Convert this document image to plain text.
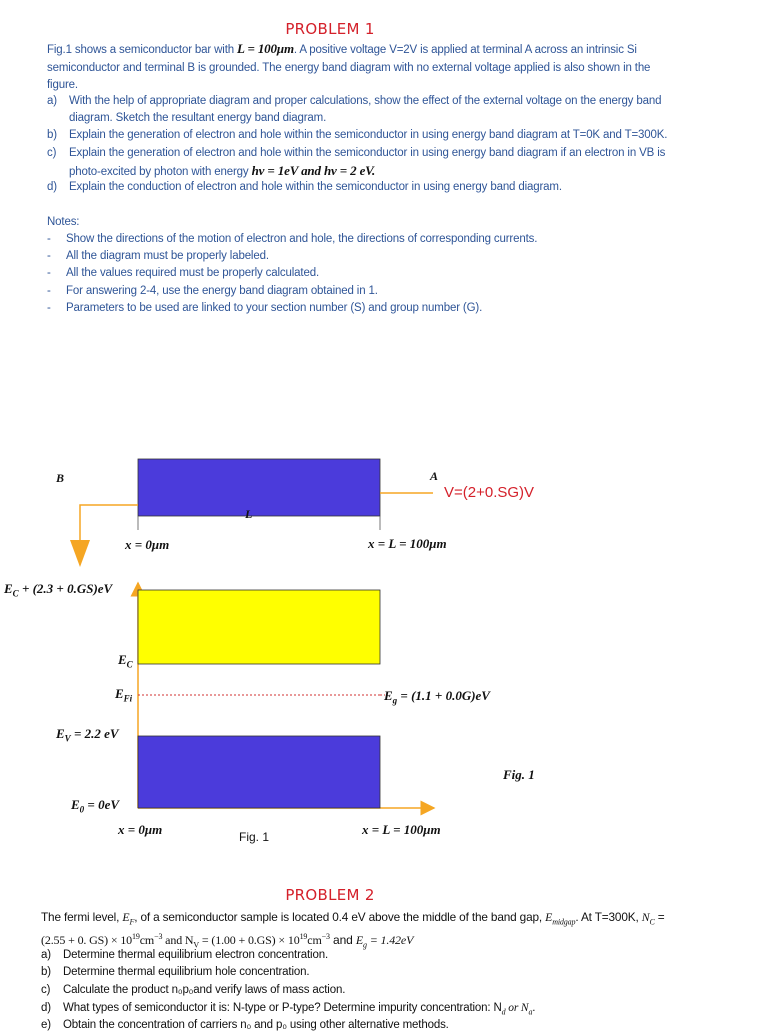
PROBLEM 1
Fig.1 shows a semiconductor bar with L = 100μm. A positive voltage V=2V is applied at terminal A across an intrinsic Si
semiconductor and terminal B is grounded. The energy band diagram with no external voltage applied is also shown in the
figure.
a) With the help of appropriate diagram and proper calculations, show the effect of the external voltage on the energy band
diagram. Sketch the resultant energy band diagram.
b) Explain the generation of electron and hole within the semiconductor in using energy band diagram at T=0K and T=300K.
c) Explain the generation of electron and hole within the semiconductor in using energy band diagram if an electron in VB is
photo-excited by photon with energy hν = 1eV and hν = 2 eV.
d) Explain the conduction of electron and hole within the semiconductor in using energy band diagram.
Notes:
- Show the directions of the motion of electron and hole, the directions of corresponding currents.
- All the diagram must be properly labeled.
- All the values required must be properly calculated.
- For answering 2-4, use the energy band diagram obtained in 1.
- Parameters to be used are linked to your section number (S) and group number (G).
B	A
V=(2+0.SG)V
L
x = 0μm	x = L = 100μm
$E_C + (2.3 + 0.GS)eV$
$E_C$
$E_{Fi}$	$E_g = (1.1 + 0.0G)eV$
$E_V = 2.2$ eV
$E_0 = 0eV$
Fig. 1
x = 0μm	Fig. 1	x = L = 100μm
PROBLEM 2
The fermi level, $E_F$, of a semiconductor sample is located 0.4 eV above the middle of the band gap, $E_{midgap}$. At T=300K, $N_C$ =
(2.55 + 0. $GS) \times 10^{19}cm^{-3}$ and $N_V = (1.00 + 0.GS) \times 10^{19}cm^{-3}$ and $E_g = 1.42eV$
a) Determine thermal equilibrium electron concentration.
b) Determine thermal equilibrium hole concentration.
c) Calculate the product n₀p₀and verify laws of mass action.
d) What types of semiconductor it is: N-type or P-type? Determine impurity concentration: $N_d$ or $N_a$.
e) Obtain the concentration of carriers n₀ and p₀ using other alternative methods.
